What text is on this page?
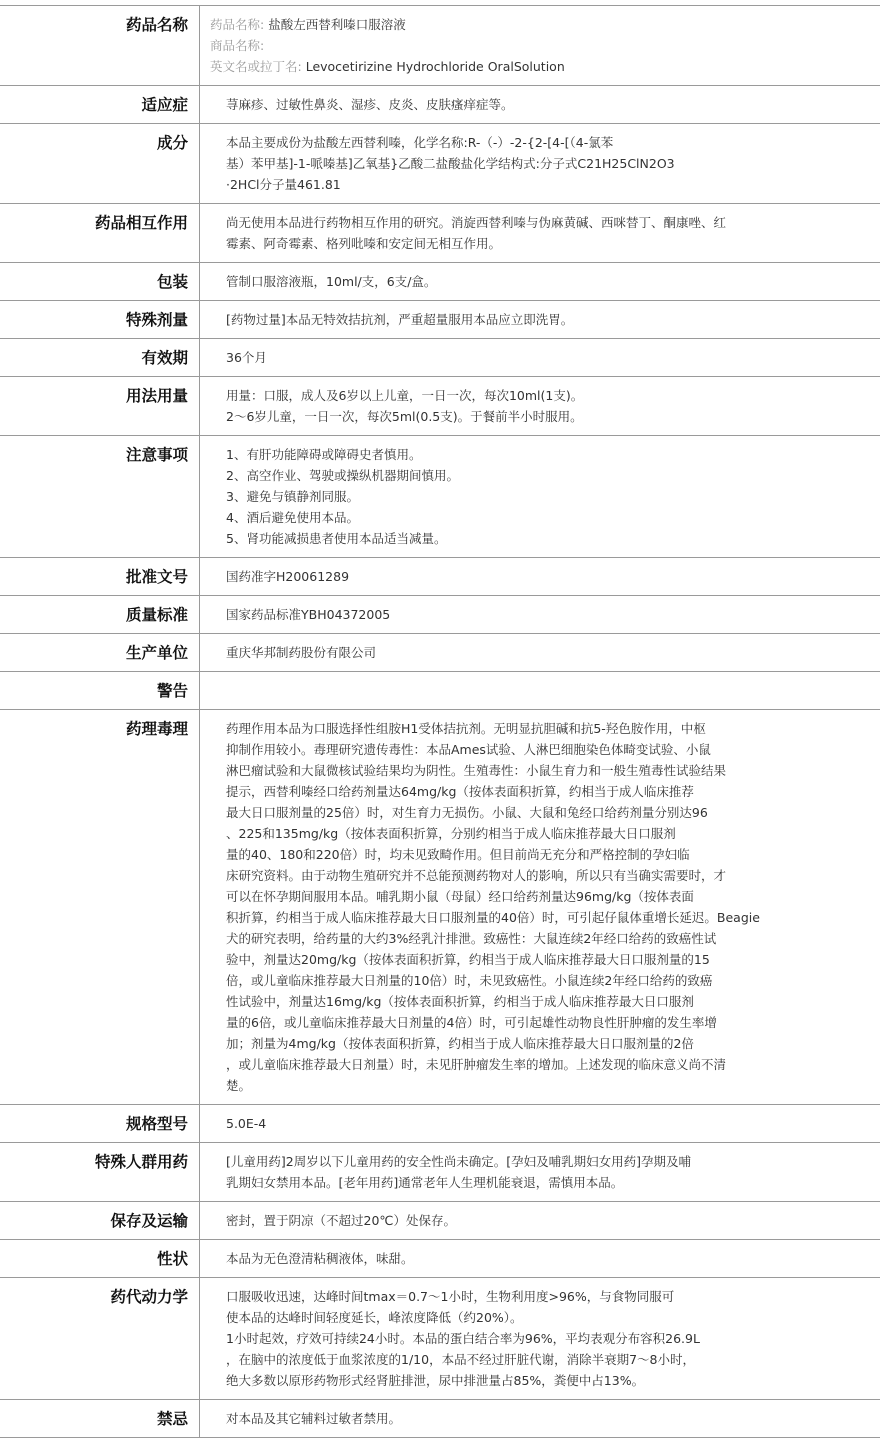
药品名称	药品名称: 盐酸左西替利嗪口服溶液
商品名称:
英文名或拉丁名: Levocetirizine Hydrochloride OralSolution
适应症	荨麻疹、过敏性鼻炎、湿疹、皮炎、皮肤瘙痒症等。
成分	本品主要成份为盐酸左西替利嗪，化学名称:R-（-）-2-{2-[4-[（4-氯苯
基）苯甲基]-1-哌嗪基]乙氧基}乙酸二盐酸盐化学结构式:分子式C21H25ClN2O3
·2HCl分子量461.81
药品相互作用	尚无使用本品进行药物相互作用的研究。消旋西替利嗪与伪麻黄碱、西咪替丁、酮康唑、红
霉素、阿奇霉素、格列吡嗪和安定间无相互作用。
包装	管制口服溶液瓶，10ml/支，6支/盒。
特殊剂量	[药物过量]本品无特效拮抗剂，严重超量服用本品应立即洗胃。
有效期	36个月
用法用量	用量：口服，成人及6岁以上儿童，一日一次，每次10ml(1支)。
2～6岁儿童，一日一次，每次5ml(0.5支)。于餐前半小时服用。
注意事项	1、有肝功能障碍或障碍史者慎用。
2、高空作业、驾驶或操纵机器期间慎用。
3、避免与镇静剂同服。
4、酒后避免使用本品。
5、肾功能减损患者使用本品适当减量。
批准文号	国药准字H20061289
质量标准	国家药品标准YBH04372005
生产单位	重庆华邦制药股份有限公司
警告

药理毒理	药理作用本品为口服选择性组胺H1受体拮抗剂。无明显抗胆碱和抗5-羟色胺作用，中枢
抑制作用较小。毒理研究遗传毒性：本品Ames试验、人淋巴细胞染色体畸变试验、小鼠
淋巴瘤试验和大鼠微核试验结果均为阴性。生殖毒性：小鼠生育力和一般生殖毒性试验结果
提示，西替利嗪经口给药剂量达64mg/kg（按体表面积折算，约相当于成人临床推荐
最大日口服剂量的25倍）时，对生育力无损伤。小鼠、大鼠和兔经口给药剂量分别达96
、225和135mg/kg（按体表面积折算，分别约相当于成人临床推荐最大日口服剂
量的40、180和220倍）时，均未见致畸作用。但目前尚无充分和严格控制的孕妇临
床研究资料。由于动物生殖研究并不总能预测药物对人的影响，所以只有当确实需要时，才
可以在怀孕期间服用本品。哺乳期小鼠（母鼠）经口给药剂量达96mg/kg（按体表面
积折算，约相当于成人临床推荐最大日口服剂量的40倍）时，可引起仔鼠体重增长延迟。Beagie
犬的研究表明，给药量的大约3%经乳汁排泄。致癌性：大鼠连续2年经口给药的致癌性试
验中，剂量达20mg/kg（按体表面积折算，约相当于成人临床推荐最大日口服剂量的15
倍，或儿童临床推荐最大日剂量的10倍）时，未见致癌性。小鼠连续2年经口给药的致癌
性试验中，剂量达16mg/kg（按体表面积折算，约相当于成人临床推荐最大日口服剂
量的6倍，或儿童临床推荐最大日剂量的4倍）时，可引起雄性动物良性肝肿瘤的发生率增
加；剂量为4mg/kg（按体表面积折算，约相当于成人临床推荐最大日口服剂量的2倍
，或儿童临床推荐最大日剂量）时，未见肝肿瘤发生率的增加。上述发现的临床意义尚不清
楚。
规格型号	5.0E-4
特殊人群用药	[儿童用药]2周岁以下儿童用药的安全性尚未确定。[孕妇及哺乳期妇女用药]孕期及哺
乳期妇女禁用本品。[老年用药]通常老年人生理机能衰退，需慎用本品。
保存及运输	密封，置于阴凉（不超过20℃）处保存。
性状	本品为无色澄清粘稠液体，味甜。
药代动力学	口服吸收迅速，达峰时间tmax＝0.7～1小时，生物利用度>96%，与食物同服可
使本品的达峰时间轻度延长，峰浓度降低（约20%）。
1小时起效，疗效可持续24小时。本品的蛋白结合率为96%，平均表观分布容积26.9L
，在脑中的浓度低于血浆浓度的1/10，本品不经过肝脏代谢，消除半衰期7～8小时，
绝大多数以原形药物形式经肾脏排泄，尿中排泄量占85%，粪便中占13%。
禁忌	对本品及其它辅料过敏者禁用。
